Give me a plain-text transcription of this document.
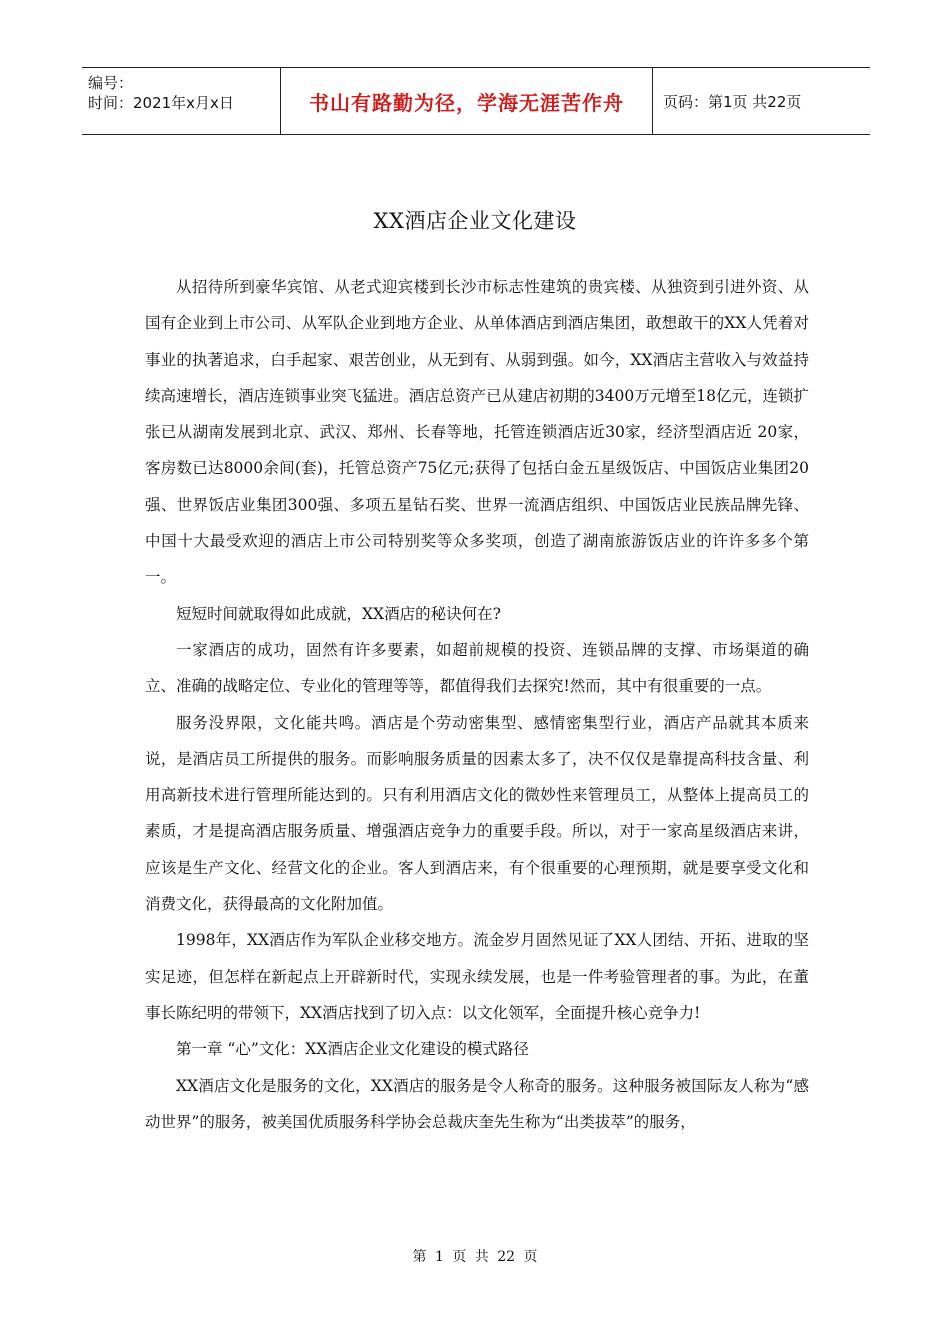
编号：
时间：2021年x月x日	书山有路勤为径，学海无涯苦作舟	页码：第1页 共22页
XX酒店企业文化建设

从招待所到豪华宾馆、从老式迎宾楼到长沙市标志性建筑的贵宾楼、从独资到引进外资、从国有企业到上市公司、从军队企业到地方企业、从单体酒店到酒店集团，敢想敢干的XX人凭着对事业的执著追求，白手起家、艰苦创业，从无到有、从弱到强。如今，XX酒店主营收入与效益持续高速增长，酒店连锁事业突飞猛进。酒店总资产已从建店初期的3400万元增至18亿元，连锁扩张已从湖南发展到北京、武汉、郑州、长春等地，托管连锁酒店近30家，经济型酒店近 20家，客房数已达8000余间(套)，托管总资产75亿元;获得了包括白金五星级饭店、中国饭店业集团20强、世界饭店业集团300强、多项五星钻石奖、世界一流酒店组织、中国饭店业民族品牌先锋、中国十大最受欢迎的酒店上市公司特别奖等众多奖项，创造了湖南旅游饭店业的许许多多个第一。

短短时间就取得如此成就，XX酒店的秘诀何在?

一家酒店的成功，固然有许多要素，如超前规模的投资、连锁品牌的支撑、市场渠道的确立、准确的战略定位、专业化的管理等等，都值得我们去探究!然而，其中有很重要的一点。

服务没界限，文化能共鸣。酒店是个劳动密集型、感情密集型行业，酒店产品就其本质来说，是酒店员工所提供的服务。而影响服务质量的因素太多了，决不仅仅是靠提高科技含量、利用高新技术进行管理所能达到的。只有利用酒店文化的微妙性来管理员工，从整体上提高员工的素质，才是提高酒店服务质量、增强酒店竞争力的重要手段。所以，对于一家高星级酒店来讲，应该是生产文化、经营文化的企业。客人到酒店来，有个很重要的心理预期，就是要享受文化和消费文化，获得最高的文化附加值。

1998年，XX酒店作为军队企业移交地方。流金岁月固然见证了XX人团结、开拓、进取的坚实足迹，但怎样在新起点上开辟新时代，实现永续发展，也是一件考验管理者的事。为此，在董事长陈纪明的带领下，XX酒店找到了切入点：以文化领军，全面提升核心竞争力!

第一章 “心”文化：XX酒店企业文化建设的模式路径

XX酒店文化是服务的文化，XX酒店的服务是令人称奇的服务。这种服务被国际友人称为“感动世界”的服务，被美国优质服务科学协会总裁庆奎先生称为“出类拔萃”的服务，

第 1 页 共 22 页
